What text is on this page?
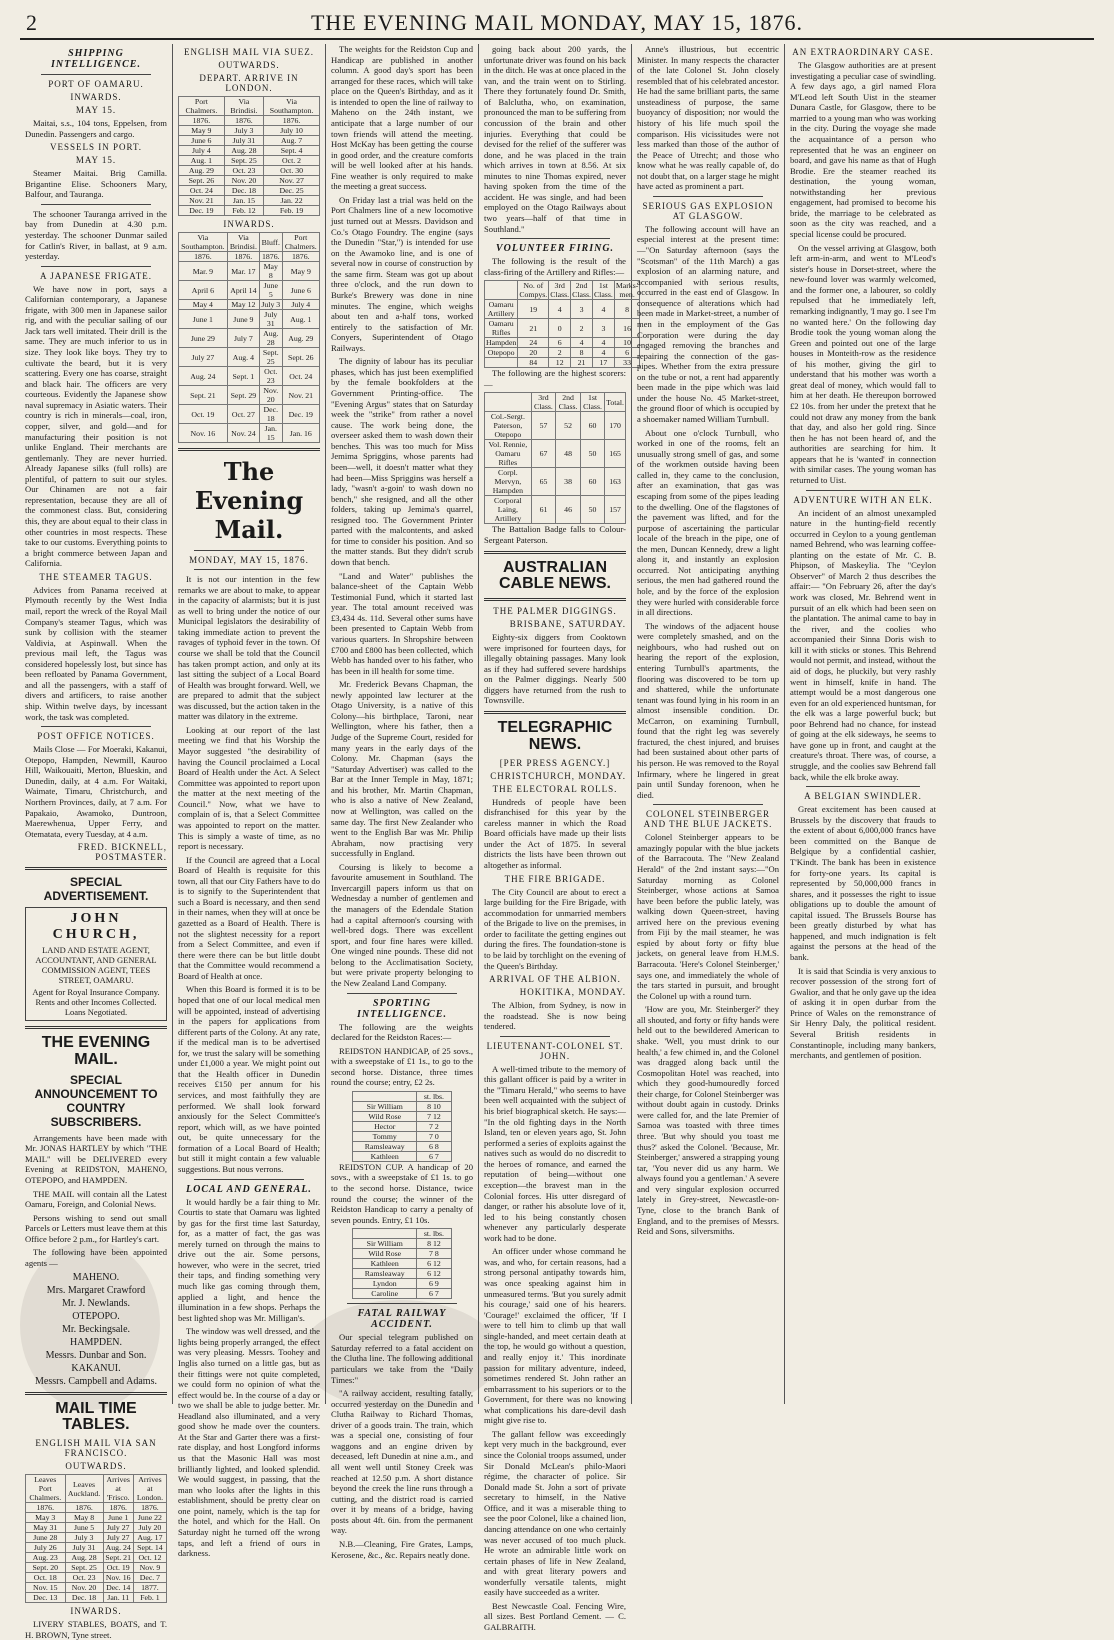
2	THE EVENING MAIL MONDAY, MAY 15, 1876.
SHIPPING INTELLIGENCE.
PORT OF OAMARU.
INWARDS.
MAY 15.

Maitai, s.s., 104 tons, Eppelsen, from Dunedin. Passengers and cargo.

VESSELS IN PORT.
MAY 15.

Steamer Maitai. Brig Camilla. Brigantine Elise. Schooners Mary, Balfour, and Tauranga.

The schooner Tauranga arrived in the bay from Dunedin at 4.30 p.m. yesterday. The schooner Dunmar sailed for Catlin's River, in ballast, at 9 a.m. yesterday.

A JAPANESE FRIGATE.

We have now in port, says a Californian contemporary, a Japanese frigate, with 300 men in Japanese sailor rig, and with the peculiar sailing of our Jack tars well imitated. Their drill is the same. They are much inferior to us in size. They look like boys. They try to cultivate the beard, but it is very scattering. Every one has coarse, straight and black hair. The officers are very courteous. Evidently the Japanese show naval supremacy in Asiatic waters. Their country is rich in minerals—coal, iron, copper, silver, and gold—and for manufacturing their position is not unlike England. Their merchants are gentlemanly. They are never hurried. Already Japanese silks (full rolls) are plentiful, of pattern to suit our styles. Our Chinamen are not a fair representation, because they are all of the commonest class. But, considering this, they are about equal to their class in other countries in most respects. These take to our customs. Everything points to a bright commerce between Japan and California.

THE STEAMER TAGUS.

Advices from Panama received at Plymouth recently by the West India mail, report the wreck of the Royal Mail Company's steamer Tagus, which was sunk by collision with the steamer Valdivia, at Aspinwall. When the previous mail left, the Tagus was considered hopelessly lost, but since has been refloated by Panama Government, and all the passengers, with a staff of divers and artificers, to raise another ship. Within twelve days, by incessant work, the task was completed.

POST OFFICE NOTICES.

Mails Close — For Moeraki, Kakanui, Otepopo, Hampden, Newmill, Kauroo Hill, Waikouaiti, Merton, Blueskin, and Dunedin, daily, at 4 a.m. For Waitaki, Waimate, Timaru, Christchurch, and Northern Provinces, daily, at 7 a.m. For Papakaio, Awamoko, Duntroon, Maerewhenua, Upper Ferry, and Otematata, every Tuesday, at 4 a.m.

FRED. BICKNELL, POSTMASTER.
SPECIAL ADVERTISEMENT.
JOHN CHURCH,
LAND AND ESTATE AGENT, ACCOUNTANT, AND GENERAL COMMISSION AGENT, TEES STREET, OAMARU.
Agent for Royal Insurance Company. Rents and other Incomes Collected.
Loans Negotiated.
THE EVENING MAIL.
SPECIAL ANNOUNCEMENT TO COUNTRY SUBSCRIBERS.

Arrangements have been made with Mr. JONAS HARTLEY by which "THE MAIL" will be DELIVERED every Evening at REIDSTON, MAHENO, OTEPOPO, and HAMPDEN.

THE MAIL will contain all the Latest Oamaru, Foreign, and Colonial News.

Persons wishing to send out small Parcels or Letters must leave them at this Office before 2 p.m., for Hartley's cart.

The following have been appointed agents —

MAHENO.
Mrs. Margaret Crawford
Mr. J. Newlands.
OTEPOPO.
Mr. Beckingsale.
HAMPDEN.
Messrs. Dunbar and Son.
KAKANUI.
Messrs. Campbell and Adams.
MAIL TIME TABLES.
ENGLISH MAIL VIA SAN FRANCISCO.
OUTWARDS.
Leaves Port Chalmers.	Leaves Auckland.	Arrives at 'Frisco.	Arrives at London.
1876.	1876.	1876.	1876.
May 3	May 8	June 1	June 22
May 31	June 5	July 27	July 20
June 28	July 3	July 27	Aug. 17
July 26	July 31	Aug. 24	Sept. 14
Aug. 23	Aug. 28	Sept. 21	Oct. 12
Sept. 20	Sept. 25	Oct. 19	Nov. 9
Oct. 18	Oct. 23	Nov. 16	Dec. 7
Nov. 15	Nov. 20	Dec. 14	1877.
Dec. 13	Dec. 18	Jan. 11	Feb. 1
INWARDS.

LIVERY STABLES, BOATS, and T. H. BROWN, Tyne street.

ENGLISH MAIL VIA SUEZ.
OUTWARDS.
DEPART. ARRIVE IN LONDON.
Port Chalmers.	Via Brindisi.	Via Southampton.
1876.	1876.	1876.
May 9	July 3	July 10
June 6	July 31	Aug. 7
July 4	Aug. 28	Sept. 4
Aug. 1	Sept. 25	Oct. 2
Aug. 29	Oct. 23	Oct. 30
Sept. 26	Nov. 20	Nov. 27
Oct. 24	Dec. 18	Dec. 25
Nov. 21	Jan. 15	Jan. 22
Dec. 19	Feb. 12	Feb. 19
INWARDS.
Via Southampton.	Via Brindisi.	Bluff.	Port Chalmers.
1876.	1876.	1876.	1876.
Mar. 9	Mar. 17	May 8	May 9
April 6	April 14	June 5	June 6
May 4	May 12	July 3	July 4
June 1	June 9	July 31	Aug. 1
June 29	July 7	Aug. 28	Aug. 29
July 27	Aug. 4	Sept. 25	Sept. 26
Aug. 24	Sept. 1	Oct. 23	Oct. 24
Sept. 21	Sept. 29	Nov. 20	Nov. 21
Oct. 19	Oct. 27	Dec. 18	Dec. 19
Nov. 16	Nov. 24	Jan. 15	Jan. 16
The Evening Mail.
MONDAY, MAY 15, 1876.

It is not our intention in the few remarks we are about to make, to appear in the capacity of alarmists; but it is just as well to bring under the notice of our Municipal legislators the desirability of taking immediate action to prevent the ravages of typhoid fever in the town. Of course we shall be told that the Council has taken prompt action, and only at its last sitting the subject of a Local Board of Health was brought forward. Well, we are prepared to admit that the subject was discussed, but the action taken in the matter was dilatory in the extreme.

Looking at our report of the last meeting we find that his Worship the Mayor suggested "the desirability of having the Council proclaimed a Local Board of Health under the Act. A Select Committee was appointed to report upon the matter at the next meeting of the Council." Now, what we have to complain of is, that a Select Committee was appointed to report on the matter. This is simply a waste of time, as no report is necessary.

If the Council are agreed that a Local Board of Health is requisite for this town, all that our City Fathers have to do is to signify to the Superintendent that such a Board is necessary, and then send in their names, when they will at once be gazetted as a Board of Health. There is not the slightest necessity for a report from a Select Committee, and even if there were there can be but little doubt that the Committee would recommend a Board of Health at once.

When this Board is formed it is to be hoped that one of our local medical men will be appointed, instead of advertising in the papers for applications from different parts of the Colony. At any rate, if the medical man is to be advertised for, we trust the salary will be something under £1,000 a year. We might point out that the Health officer in Dunedin receives £150 per annum for his services, and most faithfully they are performed. We shall look forward anxiously for the Select Committee's report, which will, as we have pointed out, be quite unnecessary for the formation of a Local Board of Health; but still it might contain a few valuable suggestions. But nous verrons.

LOCAL AND GENERAL.

It would hardly be a fair thing to Mr. Courtis to state that Oamaru was lighted by gas for the first time last Saturday, for, as a matter of fact, the gas was merely turned on through the mains to drive out the air. Some persons, however, who were in the secret, tried their taps, and finding something very much like gas coming through them, applied a light, and hence the illumination in a few shops. Perhaps the best lighted shop was Mr. Milligan's.

The window was well dressed, and the lights being properly arranged, the effect was very pleasing. Messrs. Toohey and Inglis also turned on a little gas, but as their fittings were not quite completed, we could form no opinion of what the effect would be. In the course of a day or two we shall be able to judge better. Mr. Headland also illuminated, and a very good show he made over the counters. At the Star and Garter there was a first-rate display, and host Longford informs us that the Masonic Hall was most brilliantly lighted, and looked splendid. We would suggest, in passing, that the man who looks after the lights in this establishment, should be pretty clear on one point, namely, which is the tap for the hotel, and which for the Hall. On Saturday night he turned off the wrong taps, and left a friend of ours in darkness.

The weights for the Reidston Cup and Handicap are published in another column. A good day's sport has been arranged for these races, which will take place on the Queen's Birthday, and as it is intended to open the line of railway to Maheno on the 24th instant, we anticipate that a large number of our town friends will attend the meeting. Host McKay has been getting the course in good order, and the creature comforts will be well looked after at his hands. Fine weather is only required to make the meeting a great success.

On Friday last a trial was held on the Port Chalmers line of a new locomotive just turned out at Messrs. Davidson and Co.'s Otago Foundry. The engine (says the Dunedin "Star,") is intended for use on the Awamoko line, and is one of several now in course of construction by the same firm. Steam was got up about three o'clock, and the run down to Burke's Brewery was done in nine minutes. The engine, which weighs about ten and a-half tons, worked entirely to the satisfaction of Mr. Conyers, Superintendent of Otago Railways.

The dignity of labour has its peculiar phases, which has just been exemplified by the female bookfolders at the Government Printing-office. The "Evening Argus" states that on Saturday week the "strike" from rather a novel cause. The work being done, the overseer asked them to wash down their benches. This was too much for Miss Jemima Spriggins, whose parents had been—well, it doesn't matter what they had been—Miss Spriggins was herself a lady, "wasn't a-goin' to wash down no bench," she resigned, and all the other folders, taking up Jemima's quarrel, resigned too. The Government Printer parted with the malcontents, and asked for time to consider his position. And so the matter stands. But they didn't scrub down that bench.

"Land and Water" publishes the balance-sheet of the Captain Webb Testimonial Fund, which it started last year. The total amount received was £3,434 4s. 11d. Several other sums have been presented to Captain Webb from various quarters. In Shropshire between £700 and £800 has been collected, which Webb has handed over to his father, who has been in ill health for some time.

Mr. Frederick Bevans Chapman, the newly appointed law lecturer at the Otago University, is a native of this Colony—his birthplace, Taroni, near Wellington, where his father, then a Judge of the Supreme Court, resided for many years in the early days of the Colony. Mr. Chapman (says the "Saturday Advertiser) was called to the Bar at the Inner Temple in May, 1871; and his brother, Mr. Martin Chapman, who is also a native of New Zealand, now at Wellington, was called on the same day. The first New Zealander who went to the English Bar was Mr. Philip Abraham, now practising very successfully in England.

Coursing is likely to become a favourite amusement in Southland. The Invercargill papers inform us that on Wednesday a number of gentlemen and the managers of the Edendale Station had a capital afternoon's coursing with well-bred dogs. There was excellent sport, and four fine hares were killed. One winged nine pounds. These did not belong to the Acclimatisation Society, but were private property belonging to the New Zealand Land Company.

SPORTING INTELLIGENCE.

The following are the weights declared for the Reidston Races:—

REIDSTON HANDICAP, of 25 sovs., with a sweepstake of £1 1s., to go to the second horse. Distance, three times round the course; entry, £2 2s.

	st. lbs.
Sir William	8 10
Wild Rose	7 12
Hector	7 2
Tommy	7 0
Ramsleaway	6 8
Kathleen	6 7

REIDSTON CUP. A handicap of 20 sovs., with a sweepstake of £1 1s. to go to the second horse. Distance, twice round the course; the winner of the Reidston Handicap to carry a penalty of seven pounds. Entry, £1 10s.

	st. lbs.
Sir William	8 12
Wild Rose	7 8
Kathleen	6 12
Ramsleaway	6 12
Lyndon	6 9
Caroline	6 7
FATAL RAILWAY ACCIDENT.

Our special telegram published on Saturday referred to a fatal accident on the Clutha line. The following additional particulars we take from the "Daily Times:"

"A railway accident, resulting fatally, occurred yesterday on the Dunedin and Clutha Railway to Richard Thomas, driver of a goods train. The train, which was a special one, consisting of four waggons and an engine driven by deceased, left Dunedin at nine a.m., and all went well until Stoney Creek was reached at 12.50 p.m. A short distance beyond the creek the line runs through a cutting, and the district road is carried over it by means of a bridge, having posts about 4ft. 6in. from the permanent way.

N.B.—Cleaning, Fire Grates, Lamps, Kerosene, &c., &c. Repairs neatly done.

going back about 200 yards, the unfortunate driver was found on his back in the ditch. He was at once placed in the van, and the train went on to Stirling. There they fortunately found Dr. Smith, of Balclutha, who, on examination, pronounced the man to be suffering from concussion of the brain and other injuries. Everything that could be devised for the relief of the sufferer was done, and he was placed in the train which arrives in town at 8.56. At six minutes to nine Thomas expired, never having spoken from the time of the accident. He was single, and had been employed on the Otago Railways about two years—half of that time in Southland."

VOLUNTEER FIRING.

The following is the result of the class-firing of the Artillery and Rifles:—

	No. of Compys.	3rd Class.	2nd Class.	1st Class.	Marks-men.
Oamaru Artillery	19	4	3	4	8
Oamaru Rifles	21	0	2	3	16
Hampden	24	6	4	4	10
Otepopo	20	2	8	4	6
	84	12	21	17	33

The following are the highest scorers:—

	3rd Class.	2nd Class.	1st Class.	Total.
Col.-Sergt. Paterson, Otepopo	57	52	60	170
Vol. Rennie, Oamaru Rifles	67	48	50	165
Corpl. Mervyn, Hampden	65	38	60	163
Corporal Laing, Artillery	61	46	50	157

The Battalion Badge falls to Colour-Sergeant Paterson.

AUSTRALIAN CABLE NEWS.
THE PALMER DIGGINGS.
BRISBANE, SATURDAY.

Eighty-six diggers from Cooktown were imprisoned for fourteen days, for illegally obtaining passages. Many look as if they had suffered severe hardships on the Palmer diggings. Nearly 500 diggers have returned from the rush to Townsville.

TELEGRAPHIC NEWS.
[PER PRESS AGENCY.]
CHRISTCHURCH, MONDAY.
THE ELECTORAL ROLLS.

Hundreds of people have been disfranchised for this year by the careless manner in which the Road Board officials have made up their lists under the Act of 1875. In several districts the lists have been thrown out altogether as informal.

THE FIRE BRIGADE.

The City Council are about to erect a large building for the Fire Brigade, with accommodation for unmarried members of the Brigade to live on the premises, in order to facilitate the getting engines out during the fires. The foundation-stone is to be laid by torchlight on the evening of the Queen's Birthday.

ARRIVAL OF THE ALBION.
HOKITIKA, MONDAY.

The Albion, from Sydney, is now in the roadstead. She is now being tendered.

LIEUTENANT-COLONEL ST. JOHN.

A well-timed tribute to the memory of this gallant officer is paid by a writer in the "Timaru Herald," who seems to have been well acquainted with the subject of his brief biographical sketch. He says:— "In the old fighting days in the North Island, ten or eleven years ago, St. John performed a series of exploits against the natives such as would do no discredit to the heroes of romance, and earned the reputation of being—without one exception—the bravest man in the Colonial forces. His utter disregard of danger, or rather his absolute love of it, led to his being constantly chosen whenever any particularly desperate work had to be done.

An officer under whose command he was, and who, for certain reasons, had a strong personal antipathy towards him, was once speaking against him in unmeasured terms. 'But you surely admit his courage,' said one of his hearers. 'Courage!' exclaimed the officer, 'If I were to tell him to climb up that wall single-handed, and meet certain death at the top, he would go without a question, and really enjoy it.' This inordinate passion for military adventure, indeed, sometimes rendered St. John rather an embarrassment to his superiors or to the Government, for there was no knowing what complications his dare-devil dash might give rise to.

The gallant fellow was exceedingly kept very much in the background, ever since the Colonial troops assumed, under Sir Donald McLean's philo-Maori régime, the character of police. Sir Donald made St. John a sort of private secretary to himself, in the Native Office, and it was a miserable thing to see the poor Colonel, like a chained lion, dancing attendance on one who certainly was never accused of too much pluck. He wrote an admirable little work on certain phases of life in New Zealand, and with great literary powers and wonderfully versatile talents, might easily have succeeded as a writer.

Best Newcastle Coal. Fencing Wire, all sizes. Best Portland Cement. — C. GALBRAITH.

Anne's illustrious, but eccentric Minister. In many respects the character of the late Colonel St. John closely resembled that of his celebrated ancestor. He had the same brilliant parts, the same unsteadiness of purpose, the same buoyancy of disposition; nor would the history of his life much spoil the comparison. His vicissitudes were not less marked than those of the author of the Peace of Utrecht; and those who know what he was really capable of, do not doubt that, on a larger stage he might have acted as prominent a part.

SERIOUS GAS EXPLOSION AT GLASGOW.

The following account will have an especial interest at the present time:—"On Saturday afternoon (says the "Scotsman" of the 11th March) a gas explosion of an alarming nature, and accompanied with serious results, occurred in the east end of Glasgow. In consequence of alterations which had been made in Market-street, a number of men in the employment of the Gas Corporation were during the day engaged removing the branches and repairing the connection of the gas-pipes. Whether from the extra pressure on the tube or not, a rent had apparently been made in the pipe which was laid under the house No. 45 Market-street, the ground floor of which is occupied by a shoemaker named William Turnbull.

About one o'clock Turnbull, who worked in one of the rooms, felt an unusually strong smell of gas, and some of the workmen outside having been called in, they came to the conclusion, after an examination, that gas was escaping from some of the pipes leading to the dwelling. One of the flagstones of the pavement was lifted, and for the purpose of ascertaining the particular locale of the breach in the pipe, one of the men, Duncan Kennedy, drew a light along it, and instantly an explosion occurred. Not anticipating anything serious, the men had gathered round the hole, and by the force of the explosion they were hurled with considerable force in all directions.

The windows of the adjacent house were completely smashed, and on the neighbours, who had rushed out on hearing the report of the explosion, entering Turnbull's apartments, the flooring was discovered to be torn up and shattered, while the unfortunate tenant was found lying in his room in an almost insensible condition. Dr. McCarron, on examining Turnbull, found that the right leg was severely fractured, the chest injured, and bruises had been sustained about other parts of his person. He was removed to the Royal Infirmary, where he lingered in great pain until Sunday forenoon, when he died.

COLONEL STEINBERGER AND THE BLUE JACKETS.

Colonel Steinberger appears to be amazingly popular with the blue jackets of the Barracouta. The "New Zealand Herald" of the 2nd instant says:—"On Saturday morning as Colonel Steinberger, whose actions at Samoa have been before the public lately, was walking down Queen-street, having arrived here on the previous evening from Fiji by the mail steamer, he was espied by about forty or fifty blue jackets, on general leave from H.M.S. Barracouta. 'Here's Colonel Steinberger,' says one, and immediately the whole of the tars started in pursuit, and brought the Colonel up with a round turn.

'How are you, Mr. Steinberger?' they all shouted, and forty or fifty hands were held out to the bewildered American to shake. 'Well, you must drink to our health,' a few chimed in, and the Colonel was dragged along back until the Cosmopolitan Hotel was reached, into which they good-humouredly forced their charge, for Colonel Steinberger was without doubt again in custody. Drinks were called for, and the late Premier of Samoa was toasted with three times three. 'But why should you toast me thus?' asked the Colonel. 'Because, Mr. Steinberger,' answered a strapping young tar, 'You never did us any harm. We always found you a gentleman.' A severe and very singular explosion occurred lately in Grey-street, Newcastle-on-Tyne, close to the branch Bank of England, and to the premises of Messrs. Reid and Sons, silversmiths.

AN EXTRAORDINARY CASE.

The Glasgow authorities are at present investigating a peculiar case of swindling. A few days ago, a girl named Flora M'Leod left South Uist in the steamer Dunara Castle, for Glasgow, there to be married to a young man who was working in the city. During the voyage she made the acquaintance of a person who represented that he was an engineer on board, and gave his name as that of Hugh Brodie. Ere the steamer reached its destination, the young woman, notwithstanding her previous engagement, had promised to become his bride, the marriage to be celebrated as soon as the city was reached, and a special license could be procured.

On the vessel arriving at Glasgow, both left arm-in-arm, and went to M'Leod's sister's house in Dorset-street, where the new-found lover was warmly welcomed, and the former one, a labourer, so coldly repulsed that he immediately left, remarking indignantly, 'I may go. I see I'm no wanted here.' On the following day Brodie took the young woman along the Green and pointed out one of the large houses in Monteith-row as the residence of his mother, giving the girl to understand that his mother was worth a great deal of money, which would fall to him at her death. He thereupon borrowed £2 10s. from her under the pretext that he could not draw any money from the bank that day, and also her gold ring. Since then he has not been heard of, and the authorities are searching for him. It appears that he is 'wanted' in connection with similar cases. The young woman has returned to Uist.

ADVENTURE WITH AN ELK.

An incident of an almost unexampled nature in the hunting-field recently occurred in Ceylon to a young gentleman named Behrend, who was learning coffee-planting on the estate of Mr. C. B. Phipson, of Maskeylia. The "Ceylon Observer" of March 2 thus describes the affair:— "On February 26, after the day's work was closed, Mr. Behrend went in pursuit of an elk which had been seen on the plantation. The animal came to bay in the river, and the coolies who accompanied their Sinna Doris wish to kill it with sticks or stones. This Behrend would not permit, and instead, without the aid of dogs, he pluckily, but very rashly went in himself, knife in hand. The attempt would be a most dangerous one even for an old experienced huntsman, for the elk was a large powerful buck; but poor Behrend had no chance, for instead of going at the elk sideways, he seems to have gone up in front, and caught at the creature's throat. There was, of course, a struggle, and the coolies saw Behrend fall back, while the elk broke away.

A BELGIAN SWINDLER.

Great excitement has been caused at Brussels by the discovery that frauds to the extent of about 6,000,000 francs have been committed on the Banque de Belgique by a confidential cashier, T'Kindt. The bank has been in existence for forty-one years. Its capital is represented by 50,000,000 francs in shares, and it possesses the right to issue obligations up to double the amount of capital issued. The Brussels Bourse has been greatly disturbed by what has happened, and much indignation is felt against the persons at the head of the bank.

It is said that Scindia is very anxious to recover possession of the strong fort of Gwalior, and that he only gave up the idea of asking it in open durbar from the Prince of Wales on the remonstrance of Sir Henry Daly, the political resident. Several British residents in Constantinople, including many bankers, merchants, and gentlemen of position.
